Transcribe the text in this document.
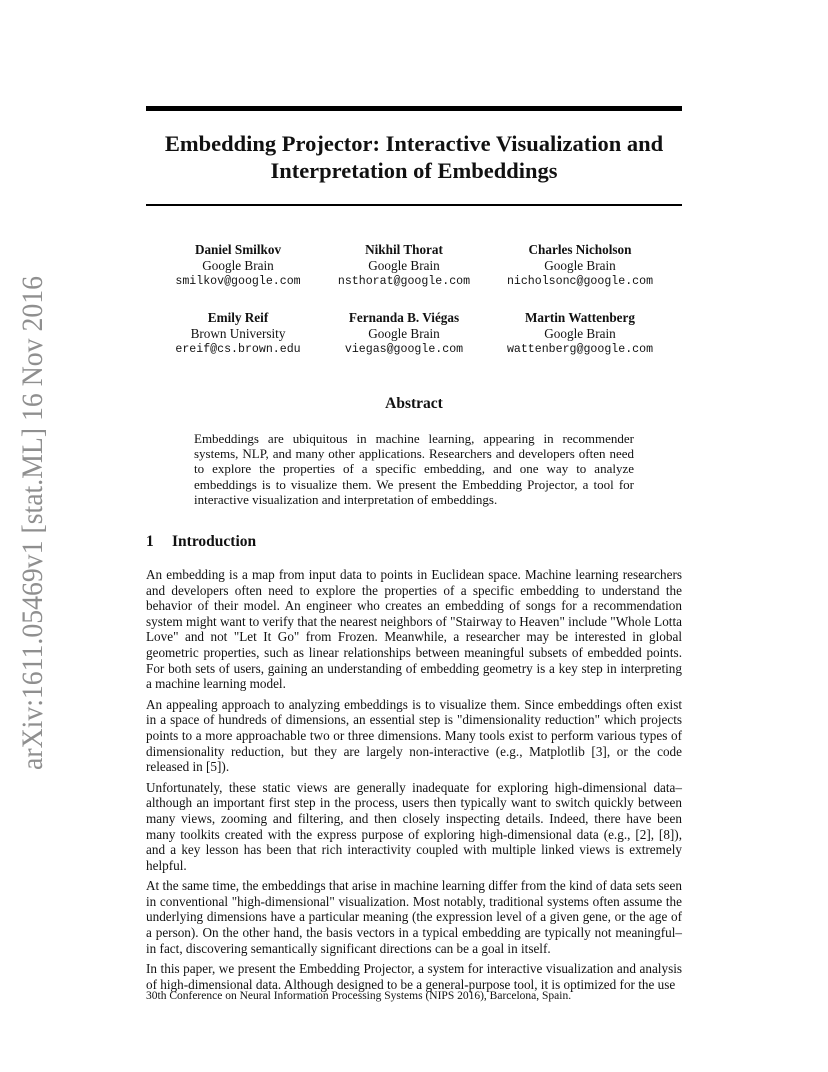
arXiv:1611.05469v1 [stat.ML] 16 Nov 2016
Embedding Projector: Interactive Visualization and
Interpretation of Embeddings
Daniel Smilkov
Google Brain
smilkov@google.com
Nikhil Thorat
Google Brain
nsthorat@google.com
Charles Nicholson
Google Brain
nicholsonc@google.com
Emily Reif
Brown University
ereif@cs.brown.edu
Fernanda B. Viégas
Google Brain
viegas@google.com
Martin Wattenberg
Google Brain
wattenberg@google.com
Abstract
Embeddings are ubiquitous in machine learning, appearing in recommender systems, NLP, and many other applications. Researchers and developers often need to explore the properties of a specific embedding, and one way to analyze embeddings is to visualize them. We present the Embedding Projector, a tool for interactive visualization and interpretation of embeddings.
1 Introduction

An embedding is a map from input data to points in Euclidean space. Machine learning researchers and developers often need to explore the properties of a specific embedding to understand the behavior of their model. An engineer who creates an embedding of songs for a recommendation system might want to verify that the nearest neighbors of "Stairway to Heaven" include "Whole Lotta Love" and not "Let It Go" from Frozen. Meanwhile, a researcher may be interested in global geometric properties, such as linear relationships between meaningful subsets of embedded points. For both sets of users, gaining an understanding of embedding geometry is a key step in interpreting a machine learning model.

An appealing approach to analyzing embeddings is to visualize them. Since embeddings often exist in a space of hundreds of dimensions, an essential step is "dimensionality reduction" which projects points to a more approachable two or three dimensions. Many tools exist to perform various types of dimensionality reduction, but they are largely non-interactive (e.g., Matplotlib [3], or the code released in [5]).

Unfortunately, these static views are generally inadequate for exploring high-dimensional data–although an important first step in the process, users then typically want to switch quickly between many views, zooming and filtering, and then closely inspecting details. Indeed, there have been many toolkits created with the express purpose of exploring high-dimensional data (e.g., [2], [8]), and a key lesson has been that rich interactivity coupled with multiple linked views is extremely helpful.

At the same time, the embeddings that arise in machine learning differ from the kind of data sets seen in conventional "high-dimensional" visualization. Most notably, traditional systems often assume the underlying dimensions have a particular meaning (the expression level of a given gene, or the age of a person). On the other hand, the basis vectors in a typical embedding are typically not meaningful–in fact, discovering semantically significant directions can be a goal in itself.

In this paper, we present the Embedding Projector, a system for interactive visualization and analysis of high-dimensional data. Although designed to be a general-purpose tool, it is optimized for the use

30th Conference on Neural Information Processing Systems (NIPS 2016), Barcelona, Spain.
